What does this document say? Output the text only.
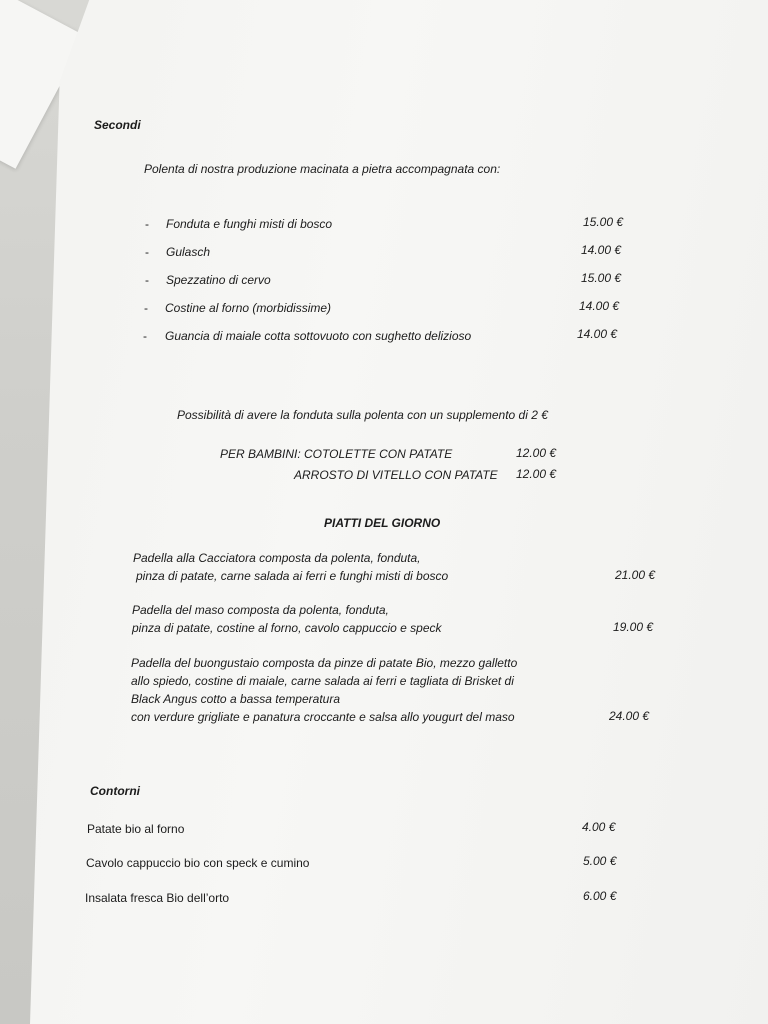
Secondi
Polenta di nostra produzione macinata a pietra accompagnata con:
- Fonduta e funghi misti di bosco	15.00 €
- Gulasch	14.00 €
- Spezzatino di cervo	15.00 €
- Costine al forno (morbidissime)	14.00 €
- Guancia di maiale cotta sottovuoto con sughetto delizioso	14.00 €
Possibilità di avere la fonduta sulla polenta con un supplemento di 2 €
PER BAMBINI: COTOLETTE CON PATATE	12.00 €
ARROSTO DI VITELLO CON PATATE 12.00 €
PIATTI DEL GIORNO
Padella alla Cacciatora composta da polenta, fonduta,
pinza di patate, carne salada ai ferri e funghi misti di bosco	21.00 €
Padella del maso composta da polenta, fonduta,
pinza di patate, costine al forno, cavolo cappuccio e speck	19.00 €
Padella del buongustaio composta da pinze di patate Bio, mezzo galletto
allo spiedo, costine di maiale, carne salada ai ferri e tagliata di Brisket di
Black Angus cotto a bassa temperatura
con verdure grigliate e panatura croccante e salsa allo yougurt del maso	24.00 €
Contorni
Patate bio al forno	4.00 €
Cavolo cappuccio bio con speck e cumino	5.00 €
Insalata fresca Bio dell’orto	6.00 €
